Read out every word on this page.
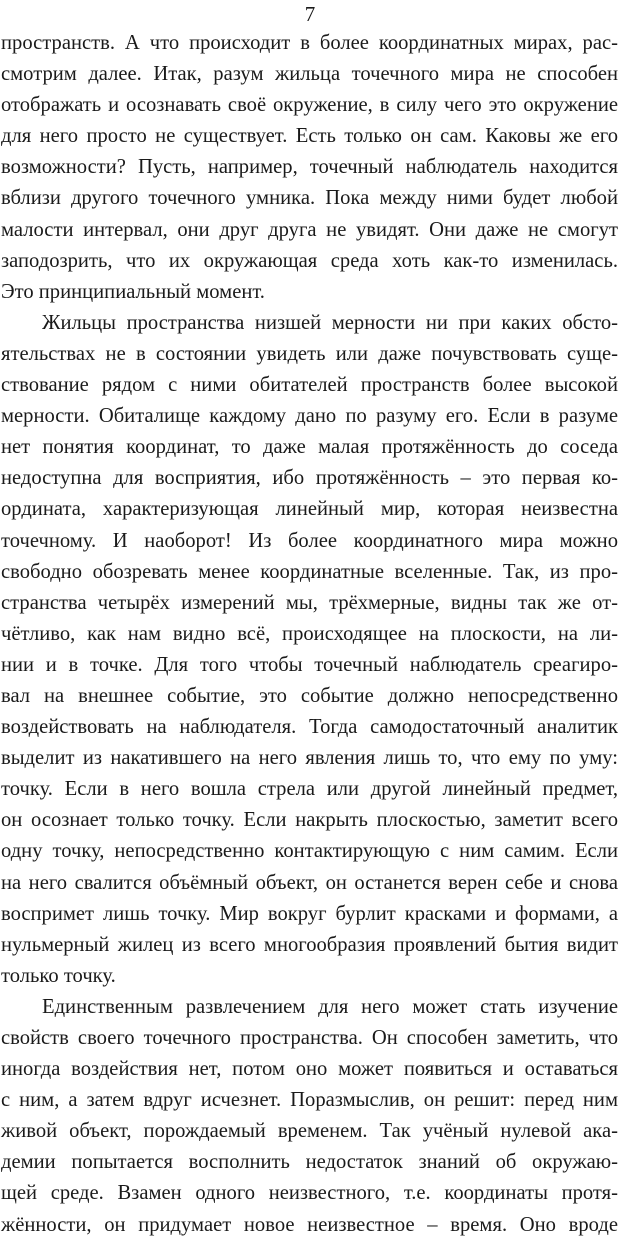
7
пространств. А что происходит в более координатных мирах, рас-
смотрим далее. Итак, разум жильца точечного мира не способен
отображать и осознавать своё окружение, в силу чего это окружение
для него просто не существует. Есть только он сам. Каковы же его
возможности? Пусть, например, точечный наблюдатель находится
вблизи другого точечного умника. Пока между ними будет любой
малости интервал, они друг друга не увидят. Они даже не смогут
заподозрить, что их окружающая среда хоть как-то изменилась.
Это принципиальный момент.
Жильцы пространства низшей мерности ни при каких обсто-
ятельствах не в состоянии увидеть или даже почувствовать суще-
ствование рядом с ними обитателей пространств более высокой
мерности. Обиталище каждому дано по разуму его. Если в разуме
нет понятия координат, то даже малая протяжённость до соседа
недоступна для восприятия, ибо протяжённость – это первая ко-
ордината, характеризующая линейный мир, которая неизвестна
точечному. И наоборот! Из более координатного мира можно
свободно обозревать менее координатные вселенные. Так, из про-
странства четырёх измерений мы, трёхмерные, видны так же от-
чётливо, как нам видно всё, происходящее на плоскости, на ли-
нии и в точке. Для того чтобы точечный наблюдатель среагиро-
вал на внешнее событие, это событие должно непосредственно
воздействовать на наблюдателя. Тогда самодостаточный аналитик
выделит из накатившего на него явления лишь то, что ему по уму:
точку. Если в него вошла стрела или другой линейный предмет,
он осознает только точку. Если накрыть плоскостью, заметит всего
одну точку, непосредственно контактирующую с ним самим. Если
на него свалится объёмный объект, он останется верен себе и снова
воспримет лишь точку. Мир вокруг бурлит красками и формами, а
нульмерный жилец из всего многообразия проявлений бытия видит
только точку.
Единственным развлечением для него может стать изучение
свойств своего точечного пространства. Он способен заметить, что
иногда воздействия нет, потом оно может появиться и оставаться
с ним, а затем вдруг исчезнет. Поразмыслив, он решит: перед ним
живой объект, порождаемый временем. Так учёный нулевой ака-
демии попытается восполнить недостаток знаний об окружаю-
щей среде. Взамен одного неизвестного, т.е. координаты протя-
жённости, он придумает новое неизвестное – время. Оно вроде
